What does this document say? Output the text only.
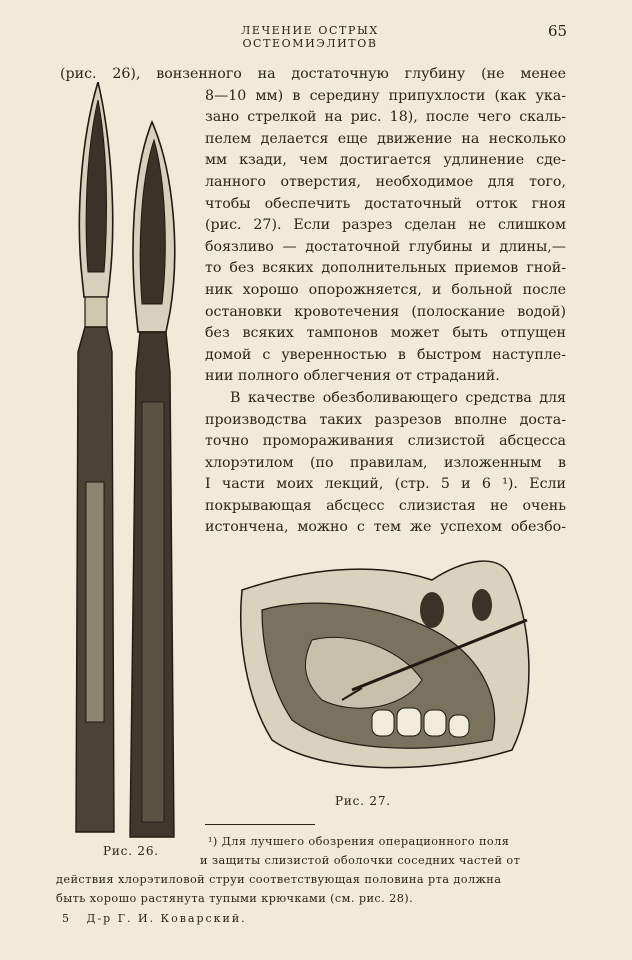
ЛЕЧЕНИЕ ОСТРЫХ ОСТЕОМИЭЛИТОВ
65
(рис. 26), вонзенного на достаточную глубину (не менее
8—10 мм) в середину припухлости (как ука-
зано стрелкой на рис. 18), после чего скаль-
пелем делается еще движение на несколько
мм кзади, чем достигается удлинение сде-
ланного отверстия, необходимое для того,
чтобы обеспечить достаточный отток гноя
(рис. 27). Если разрез сделан не слишком
боязливо — достаточной глубины и длины,—
то без всяких дополнительных приемов гной-
ник хорошо опорожняется, и больной после
остановки кровотечения (полоскание водой)
без всяких тампонов может быть отпущен
домой с уверенностью в быстром наступле-
нии полного облегчения от страданий.
В качестве обезболивающего средства для
производства таких разрезов вполне доста-
точно промораживания слизистой абсцесса
хлорэтилом (по правилам, изложенным в
I части моих лекций, (стр. 5 и 6 ¹). Если
покрывающая абсцесс слизистая не очень
истончена, можно с тем же успехом обезбо-
Рис. 27.
Рис. 26.
¹) Для лучшего обозрения операционного поля
и защиты слизистой оболочки соседних частей от
действия хлорэтиловой струи соответствующая половина рта должна
быть хорошо растянута тупыми крючками (см. рис. 28).
5 Д-р Г. И. Коварский.
